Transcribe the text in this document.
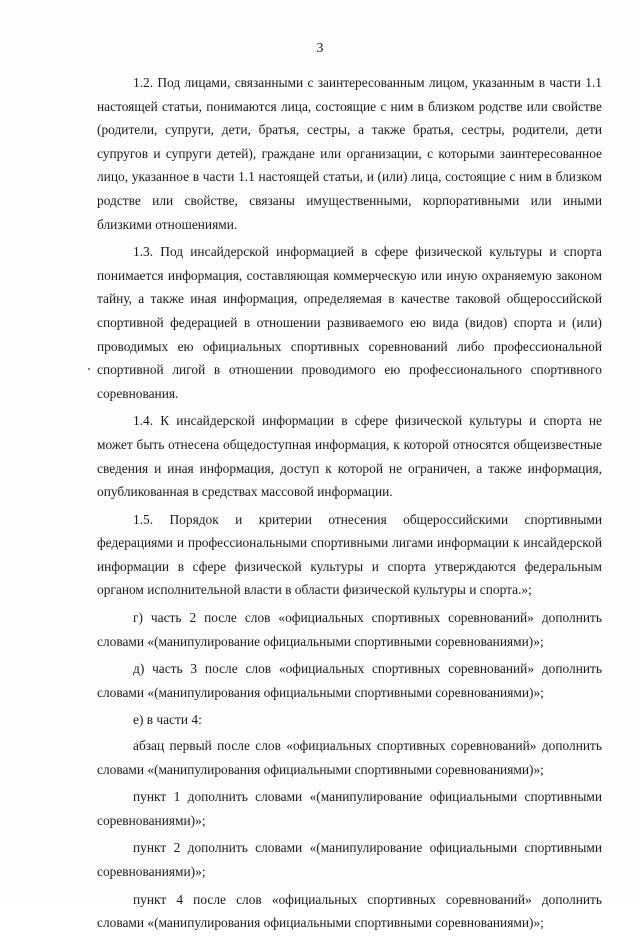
3

1.2. Под лицами, связанными с заинтересованным лицом, указанным в части 1.1 настоящей статьи, понимаются лица, состоящие с ним в близком родстве или свойстве (родители, супруги, дети, братья, сестры, а также братья, сестры, родители, дети супругов и супруги детей), граждане или организации, с которыми заинтересованное лицо, указанное в части 1.1 настоящей статьи, и (или) лица, состоящие с ним в близком родстве или свойстве, связаны имущественными, корпоративными или иными близкими отношениями.

1.3. Под инсайдерской информацией в сфере физической культуры и спорта понимается информация, составляющая коммерческую или иную охраняемую законом тайну, а также иная информация, определяемая в качестве таковой общероссийской спортивной федерацией в отношении развиваемого ею вида (видов) спорта и (или) проводимых ею официальных спортивных соревнований либо профессиональной спортивной лигой в отношении проводимого ею профессионального спортивного соревнования.

1.4. К инсайдерской информации в сфере физической культуры и спорта не может быть отнесена общедоступная информация, к которой относятся общеизвестные сведения и иная информация, доступ к которой не ограничен, а также информация, опубликованная в средствах массовой информации.

1.5. Порядок и критерии отнесения общероссийскими спортивными федерациями и профессиональными спортивными лигами информации к инсайдерской информации в сфере физической культуры и спорта утверждаются федеральным органом исполнительной власти в области физической культуры и спорта.»;

г) часть 2 после слов «официальных спортивных соревнований» дополнить словами «(манипулирование официальными спортивными соревнованиями)»;

д) часть 3 после слов «официальных спортивных соревнований» дополнить словами «(манипулирования официальными спортивными соревнованиями)»;

е) в части 4:

абзац первый после слов «официальных спортивных соревнований» дополнить словами «(манипулирования официальными спортивными соревнованиями)»;

пункт 1 дополнить словами «(манипулирование официальными спортивными соревнованиями)»;

пункт 2 дополнить словами «(манипулирование официальными спортивными соревнованиями)»;

пункт 4 после слов «официальных спортивных соревнований» дополнить словами «(манипулирования официальными спортивными соревнованиями)»;
